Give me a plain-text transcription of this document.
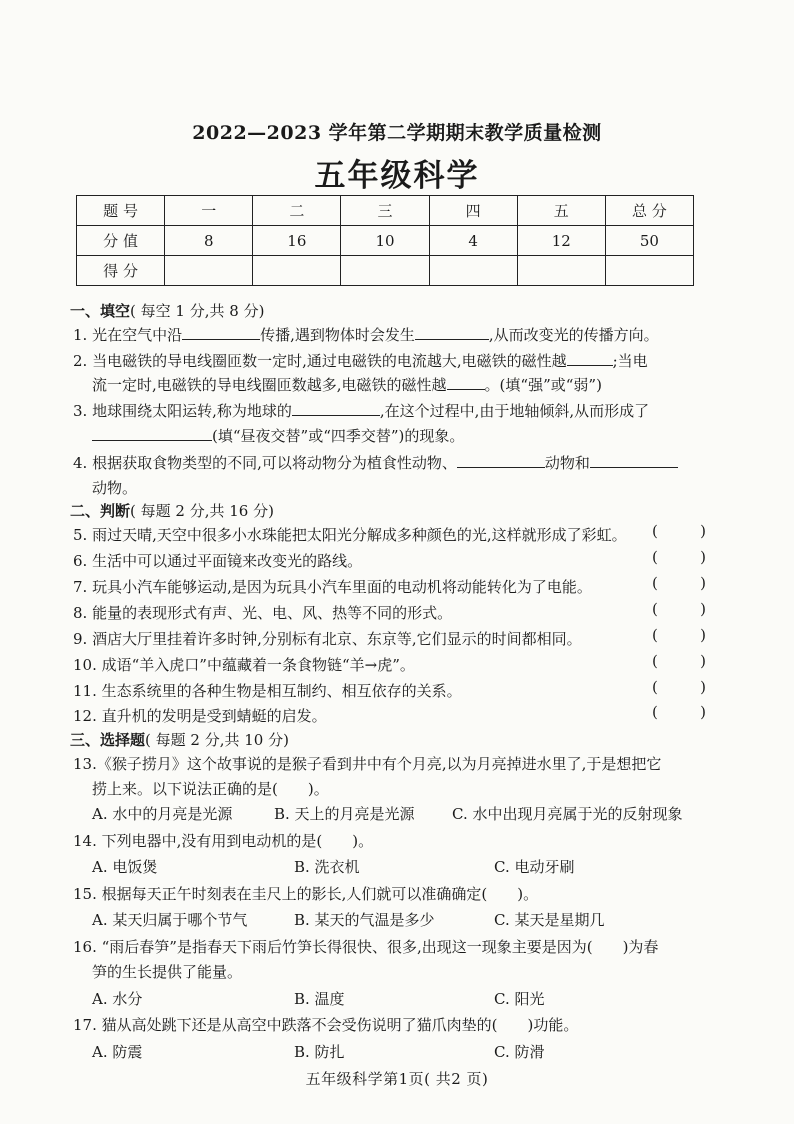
2022—2023 学年第二学期期末教学质量检测
五年级科学
题 号	一	二	三	四	五	总 分
分 值	8	16	10	4	12	50
得 分						
一、填空( 每空 1 分,共 8 分)
1. 光在空气中沿	传播,遇到物体时会发生	,从而改变光的传播方向。
2. 当电磁铁的导电线圈匝数一定时,通过电磁铁的电流越大,电磁铁的磁性越	;当电
流一定时,电磁铁的导电线圈匝数越多,电磁铁的磁性越	。(填“强”或“弱”)
3. 地球围绕太阳运转,称为地球的	,在这个过程中,由于地轴倾斜,从而形成了
(填“昼夜交替”或“四季交替”)的现象。
4. 根据获取食物类型的不同,可以将动物分为植食性动物、	动物和
动物。
二、判断( 每题 2 分,共 16 分)
5. 雨过天晴,天空中很多小水珠能把太阳光分解成多种颜色的光,这样就形成了彩虹。 (	)
6. 生活中可以通过平面镜来改变光的路线。	(	)
7. 玩具小汽车能够运动,是因为玩具小汽车里面的电动机将动能转化为了电能。	(	)
8. 能量的表现形式有声、光、电、风、热等不同的形式。	(	)
9. 酒店大厅里挂着许多时钟,分别标有北京、东京等,它们显示的时间都相同。	(	)
10. 成语“羊入虎口”中蕴藏着一条食物链“羊→虎”。	(	)
11. 生态系统里的各种生物是相互制约、相互依存的关系。	(	)
12. 直升机的发明是受到蜻蜓的启发。	(	)
三、选择题( 每题 2 分,共 10 分)
13.《猴子捞月》这个故事说的是猴子看到井中有个月亮,以为月亮掉进水里了,于是想把它
捞上来。以下说法正确的是(　　)。
A. 水中的月亮是光源	B. 天上的月亮是光源 C. 水中出现月亮属于光的反射现象
14. 下列电器中,没有用到电动机的是(　　)。
A. 电饭煲	B. 洗衣机	C. 电动牙刷
15. 根据每天正午时刻表在圭尺上的影长,人们就可以准确确定(　　)。
A. 某天归属于哪个节气	B. 某天的气温是多少	C. 某天是星期几
16. “雨后春笋”是指春天下雨后竹笋长得很快、很多,出现这一现象主要是因为(　　)为春
笋的生长提供了能量。
A. 水分	B. 温度	C. 阳光
17. 猫从高处跳下还是从高空中跌落不会受伤说明了猫爪肉垫的(　　)功能。
A. 防震	B. 防扎	C. 防滑
五年级科学第1页( 共2 页)
